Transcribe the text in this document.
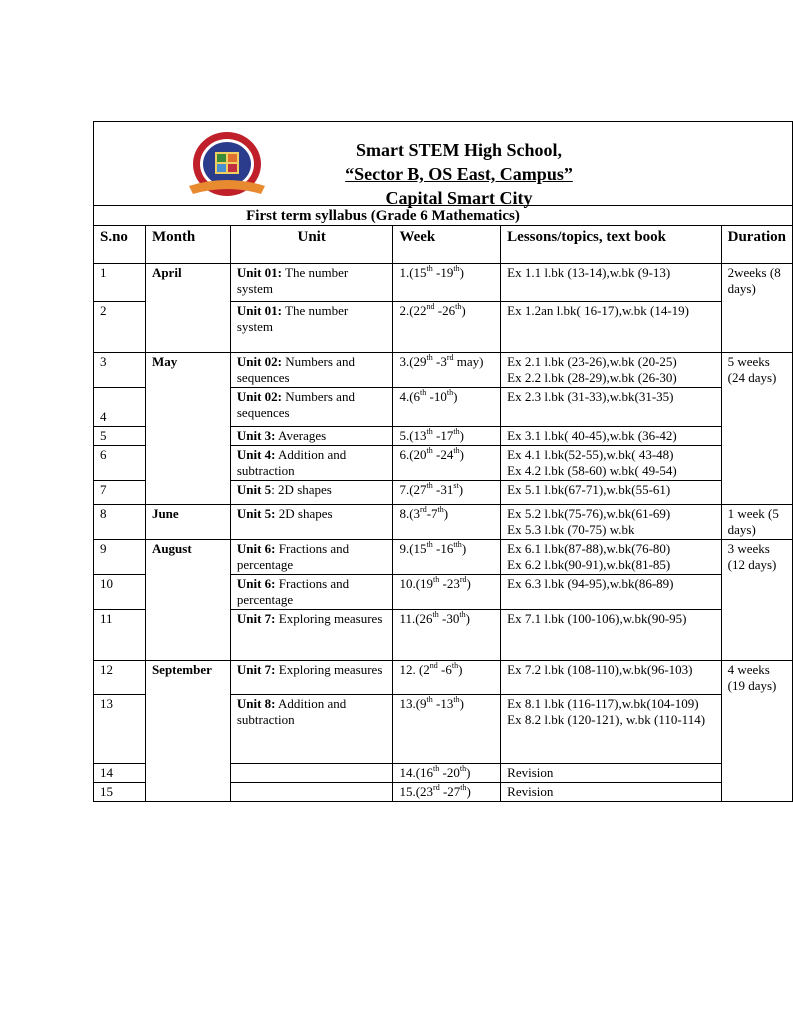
Smart STEM High School,
“Sector B, OS East, Campus”
Capital Smart City
First term syllabus (Grade 6 Mathematics)
S.no	Month	Unit	Week	Lessons/topics, text book	Duration
1	April	Unit 01: The number system	1.(15th -19th)	Ex 1.1 l.bk (13-14),w.bk (9-13)	2weeks (8 days)
2		Unit 01: The number system	2.(22nd -26th)	Ex 1.2an l.bk( 16-17),w.bk (14-19)	

3	May	Unit 02: Numbers and sequences	3.(29th -3rd may)	Ex 2.1 l.bk (23-26),w.bk (20-25)
Ex 2.2 l.bk (28-29),w.bk (26-30)	5 weeks (24 days)
4		Unit 02: Numbers and sequences	4.(6th -10th)	Ex 2.3 l.bk (31-33),w.bk(31-35)	

5		Unit 3: Averages	5.(13th -17th)	Ex 3.1 l.bk( 40-45),w.bk (36-42)	

6		Unit 4: Addition and subtraction	6.(20th -24th)	Ex 4.1 l.bk(52-55),w.bk( 43-48)
Ex 4.2 l.bk (58-60) w.bk( 49-54)	

7		Unit 5: 2D shapes	7.(27th -31st)	Ex 5.1 l.bk(67-71),w.bk(55-61)	

8	June	Unit 5: 2D shapes	8.(3rd-7th)	Ex 5.2 l.bk(75-76),w.bk(61-69)
Ex 5.3 l.bk (70-75) w.bk	1 week (5 days)
9	August	Unit 6: Fractions and percentage	9.(15th $-16^{tth}$)	Ex 6.1 l.bk(87-88),w.bk(76-80)
Ex 6.2 l.bk(90-91),w.bk(81-85)	3 weeks (12 days)
10		Unit 6: Fractions and percentage	10.(19th -23rd)	Ex 6.3 l.bk (94-95),w.bk(86-89)	

11		Unit 7: Exploring measures	11.(26th -30th)	Ex 7.1 l.bk (100-106),w.bk(90-95)	

12	September	Unit 7: Exploring measures	12. (2nd -6th)	Ex 7.2 l.bk (108-110),w.bk(96-103)	4 weeks (19 days)
13		Unit 8: Addition and subtraction	13.(9th -13th)	Ex 8.1 l.bk (116-117),w.bk(104-109)
Ex 8.2 l.bk (120-121), w.bk (110-114)	

14			14.(16th -20th)	Revision	

15			15.(23rd -27th)	Revision	
